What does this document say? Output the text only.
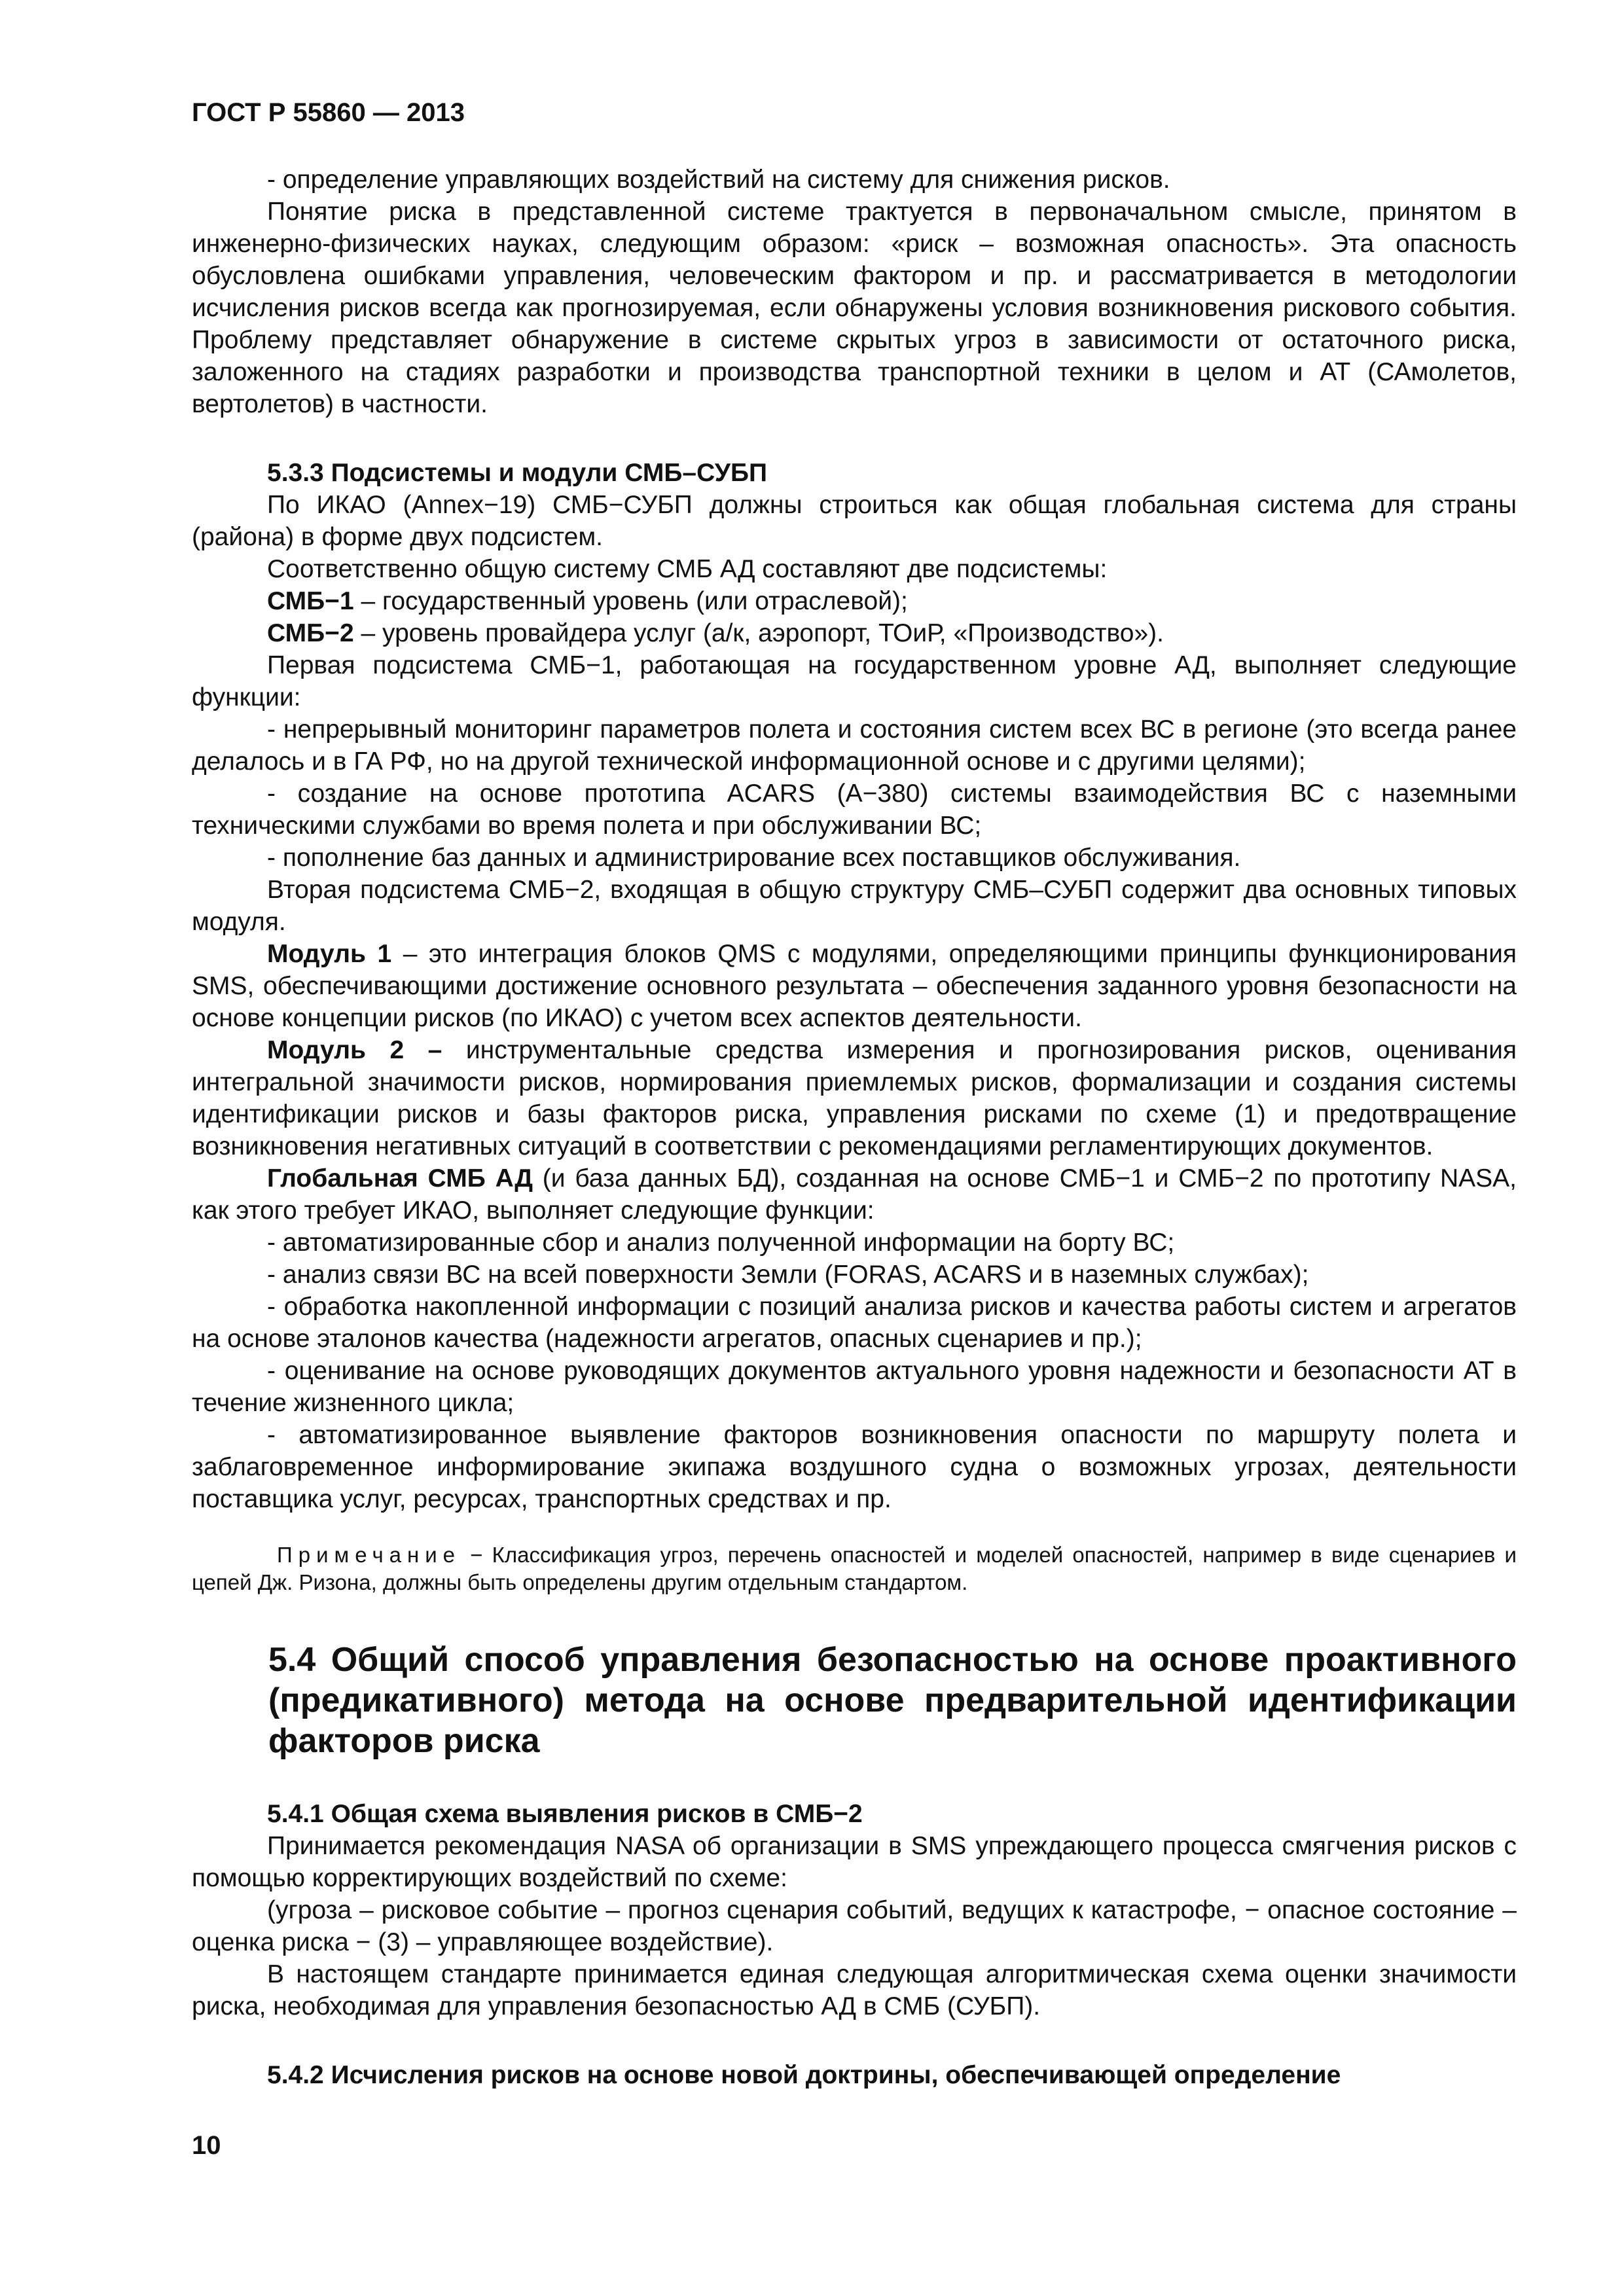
ГОСТ Р 55860 — 2013

- определение управляющих воздействий на систему для снижения рисков.

Понятие риска в представленной системе трактуется в первоначальном смысле, принятом в инженерно-физических науках, следующим образом: «риск – возможная опасность». Эта опасность обусловлена ошибками управления, человеческим фактором и пр. и рассматривается в методологии исчисления рисков всегда как прогнозируемая, если обнаружены условия возникновения рискового события. Проблему представляет обнаружение в системе скрытых угроз в зависимости от остаточного риска, заложенного на стадиях разработки и производства транспортной техники в целом и АТ (САмолетов, вертолетов) в частности.

5.3.3 Подсистемы и модули СМБ–СУБП

По ИКАО (Annex−19) СМБ−СУБП должны строиться как общая глобальная система для страны (района) в форме двух подсистем.

Соответственно общую систему СМБ АД составляют две подсистемы:

СМБ−1 – государственный уровень (или отраслевой);

СМБ−2 – уровень провайдера услуг (а/к, аэропорт, ТОиР, «Производство»).

Первая подсистема СМБ−1, работающая на государственном уровне АД, выполняет следующие функции:

- непрерывный мониторинг параметров полета и состояния систем всех ВС в регионе (это всегда ранее делалось и в ГА РФ, но на другой технической информационной основе и с другими целями);

- создание на основе прототипа ACARS (А−380) системы взаимодействия ВС с наземными техническими службами во время полета и при обслуживании ВС;

- пополнение баз данных и администрирование всех поставщиков обслуживания.

Вторая подсистема СМБ−2, входящая в общую структуру СМБ–СУБП содержит два основных типовых модуля.

Модуль 1 – это интеграция блоков QMS с модулями, определяющими принципы функционирования SMS, обеспечивающими достижение основного результата – обеспечения заданного уровня безопасности на основе концепции рисков (по ИКАО) с учетом всех аспектов деятельности.

Модуль 2 – инструментальные средства измерения и прогнозирования рисков, оценивания интегральной значимости рисков, нормирования приемлемых рисков, формализации и создания системы идентификации рисков и базы факторов риска, управления рисками по схеме (1) и предотвращение возникновения негативных ситуаций в соответствии с рекомендациями регламентирующих документов.

Глобальная СМБ АД (и база данных БД), созданная на основе СМБ−1 и СМБ−2 по прототипу NASA, как этого требует ИКАО, выполняет следующие функции:

- автоматизированные сбор и анализ полученной информации на борту ВС;

- анализ связи ВС на всей поверхности Земли (FORAS, ACARS и в наземных службах);

- обработка накопленной информации с позиций анализа рисков и качества работы систем и агрегатов на основе эталонов качества (надежности агрегатов, опасных сценариев и пр.);

- оценивание на основе руководящих документов актуального уровня надежности и безопасности АТ в течение жизненного цикла;

- автоматизированное выявление факторов возникновения опасности по маршруту полета и заблаговременное информирование экипажа воздушного судна о возможных угрозах, деятельности поставщика услуг, ресурсах, транспортных средствах и пр.

Примечание − Классификация угроз, перечень опасностей и моделей опасностей, например в виде сценариев и цепей Дж. Ризона, должны быть определены другим отдельным стандартом.

5.4 Общий способ управления безопасностью на основе проактивного (предикативного) метода на основе предварительной идентификации факторов риска

5.4.1 Общая схема выявления рисков в СМБ−2

Принимается рекомендация NASA об организации в SMS упреждающего процесса смягчения рисков с помощью корректирующих воздействий по схеме:

(угроза – рисковое событие – прогноз сценария событий, ведущих к катастрофе, − опасное состояние – оценка риска − (3) – управляющее воздействие).

В настоящем стандарте принимается единая следующая алгоритмическая схема оценки значимости риска, необходимая для управления безопасностью АД в СМБ (СУБП).

5.4.2 Исчисления рисков на основе новой доктрины, обеспечивающей определение

10
